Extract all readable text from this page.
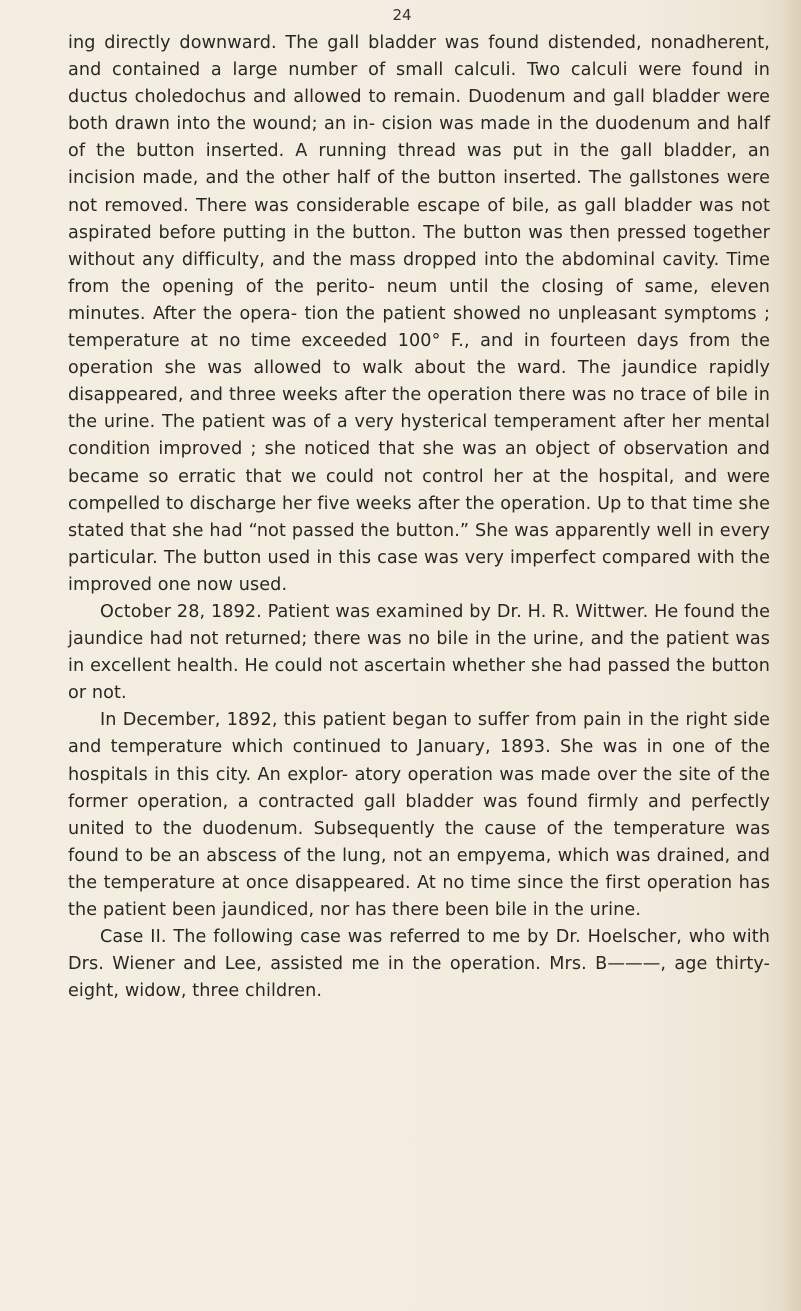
24

ing directly downward. The gall bladder was found distended, nonadherent, and contained a large number of small calculi. Two calculi were found in ductus choledochus and allowed to remain. Duodenum and gall bladder were both drawn into the wound; an in- cision was made in the duodenum and half of the button inserted. A running thread was put in the gall bladder, an incision made, and the other half of the button inserted. The gallstones were not removed. There was considerable escape of bile, as gall bladder was not aspirated before putting in the button. The button was then pressed together without any difficulty, and the mass dropped into the abdominal cavity. Time from the opening of the perito- neum until the closing of same, eleven minutes. After the opera- tion the patient showed no unpleasant symptoms ; temperature at no time exceeded 100° F., and in fourteen days from the operation she was allowed to walk about the ward. The jaundice rapidly disappeared, and three weeks after the operation there was no trace of bile in the urine. The patient was of a very hysterical temperament after her mental condition improved ; she noticed that she was an object of observation and became so erratic that we could not control her at the hospital, and were compelled to discharge her five weeks after the operation. Up to that time she stated that she had “not passed the button.” She was apparently well in every particular. The button used in this case was very imperfect compared with the improved one now used.

October 28, 1892. Patient was examined by Dr. H. R. Wittwer. He found the jaundice had not returned; there was no bile in the urine, and the patient was in excellent health. He could not ascertain whether she had passed the button or not.

In December, 1892, this patient began to suffer from pain in the right side and temperature which continued to January, 1893. She was in one of the hospitals in this city. An explor- atory operation was made over the site of the former operation, a contracted gall bladder was found firmly and perfectly united to the duodenum. Subsequently the cause of the temperature was found to be an abscess of the lung, not an empyema, which was drained, and the temperature at once disappeared. At no time since the first operation has the patient been jaundiced, nor has there been bile in the urine.

Case II. The following case was referred to me by Dr. Hoelscher, who with Drs. Wiener and Lee, assisted me in the operation. Mrs. B———, age thirty-eight, widow, three children.
